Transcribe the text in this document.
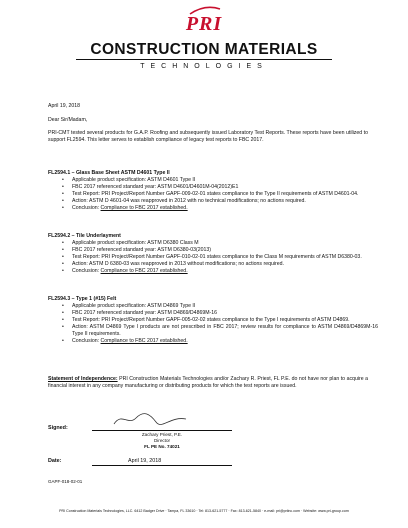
PRI
CONSTRUCTION MATERIALS
TECHNOLOGIES
April 19, 2018
Dear Sir/Madam,
PRI-CMT tested several products for G.A.P. Roofing and subsequently issued Laboratory Test Reports. These reports have been utilized to support FL2594. This letter serves to establish compliance of legacy test reports to FBC 2017.
FL2594.1 – Glass Base Sheet ASTM D4601 Type II
• Applicable product specification: ASTM D4601 Type II
• FBC 2017 referenced standard year: ASTM D4601/D4601M-04(2012)E1
• Test Report: PRI Project/Report Number GAPF-009-02-01 states compliance to the Type II requirements of ASTM D4601-04.
• Action: ASTM D 4601-04 was reapproved in 2012 with no technical modifications; no actions required.
• Conclusion: Compliance to FBC 2017 established.
FL2594.2 – Tile Underlayment
• Applicable product specification: ASTM D6380 Class M
• FBC 2017 referenced standard year: ASTM D6380-03(2013)
• Test Report: PRI Project/Report Number GAPF-010-02-01 states compliance to the Class M requirements of ASTM D6380-03.
• Action: ASTM D 6380-03 was reapproved in 2013 without modifications; no actions required.
• Conclusion: Compliance to FBC 2017 established.
FL2594.3 – Type 1 (#15) Felt
• Applicable product specification: ASTM D4869 Type II
• FBC 2017 referenced standard year: ASTM D4869/D4869M-16
• Test Report: PRI Project/Report Number GAPF-005-02-02 states compliance to the Type I requirements of ASTM D4869.
• Action: ASTM D4869 Type I products are not prescribed in FBC 2017; review results for compliance to ASTM D4869/D4869M-16 Type II requirements.
• Conclusion: Compliance to FBC 2017 established.
Statement of Independence: PRI Construction Materials Technologies and/or Zachary R. Priest, FL P.E. do not have nor plan to acquire a financial interest in any company manufacturing or distributing products for which the test reports are issued.
Signed:
Zachary Priest, P.E.
Director
FL PE No. 74021
Date:	April 19, 2018
GAPF-018-02-01
PRI Construction Materials Technologies, LLC. 6412 Badger Drive · Tampa, FL 33610 · Tel: 813-621-5777 · Fax: 813-621-5840 · e-mail: pri@priinc.com · Website: www.pri-group.com
